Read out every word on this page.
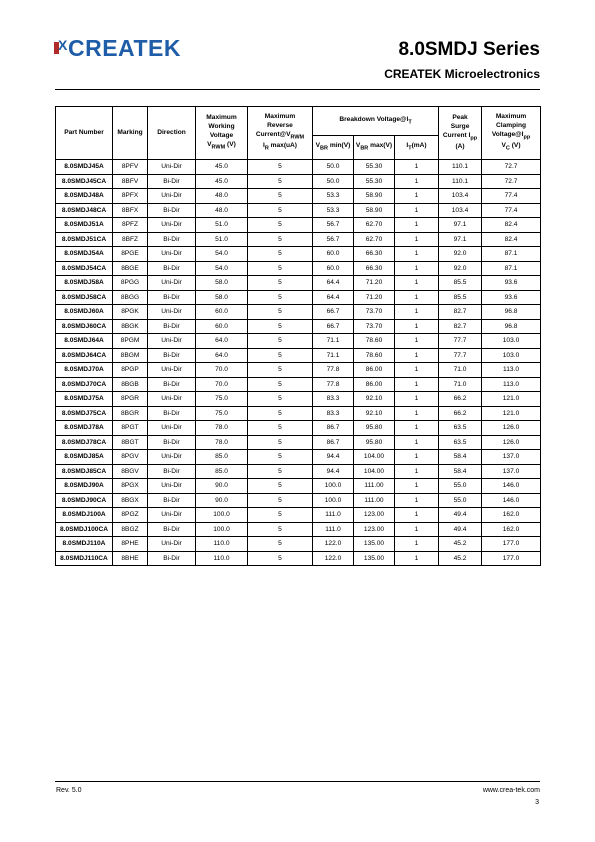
X CREATEK	8.0SMDJ Series
CREATEK Microelectronics
Part Number	Marking	Direction	Maximum
Working
Voltage
$V_{RWM}$ (V)	Maximum
Reverse
$Current@V_{RWM}$
$I_R$ max(uA)	Breakdown $Voltage@I_T$			Peak
Surge
Current $I_{pp}$
(A)	Maximum
Clamping
$Voltage@I_{pp}$
$V_C$ (V)
					$V_{BR}$ min(V)	$V_{BR}$ max(V)	$I_T(mA)$		
8.0SMDJ45A	8PFV	Uni-Dir	45.0	5	50.0	55.30	1	110.1	72.7
8.0SMDJ45CA	8BFV	Bi-Dir	45.0	5	50.0	55.30	1	110.1	72.7
8.0SMDJ48A	8PFX	Uni-Dir	48.0	5	53.3	58.90	1	103.4	77.4
8.0SMDJ48CA	8BFX	Bi-Dir	48.0	5	53.3	58.90	1	103.4	77.4
8.0SMDJ51A	8PFZ	Uni-Dir	51.0	5	56.7	62.70	1	97.1	82.4
8.0SMDJ51CA	8BFZ	Bi-Dir	51.0	5	56.7	62.70	1	97.1	82.4
8.0SMDJ54A	8PGE	Uni-Dir	54.0	5	60.0	66.30	1	92.0	87.1
8.0SMDJ54CA	8BGE	Bi-Dir	54.0	5	60.0	66.30	1	92.0	87.1
8.0SMDJ58A	8PGG	Uni-Dir	58.0	5	64.4	71.20	1	85.5	93.6
8.0SMDJ58CA	8BGG	Bi-Dir	58.0	5	64.4	71.20	1	85.5	93.6
8.0SMDJ60A	8PGK	Uni-Dir	60.0	5	66.7	73.70	1	82.7	96.8
8.0SMDJ60CA	8BGK	Bi-Dir	60.0	5	66.7	73.70	1	82.7	96.8
8.0SMDJ64A	8PGM	Uni-Dir	64.0	5	71.1	78.60	1	77.7	103.0
8.0SMDJ64CA	8BGM	Bi-Dir	64.0	5	71.1	78.60	1	77.7	103.0
8.0SMDJ70A	8PGP	Uni-Dir	70.0	5	77.8	86.00	1	71.0	113.0
8.0SMDJ70CA	8BGB	Bi-Dir	70.0	5	77.8	86.00	1	71.0	113.0
8.0SMDJ75A	8PGR	Uni-Dir	75.0	5	83.3	92.10	1	66.2	121.0
8.0SMDJ75CA	8BGR	Bi-Dir	75.0	5	83.3	92.10	1	66.2	121.0
8.0SMDJ78A	8PGT	Uni-Dir	78.0	5	86.7	95.80	1	63.5	126.0
8.0SMDJ78CA	8BGT	Bi-Dir	78.0	5	86.7	95.80	1	63.5	126.0
8.0SMDJ85A	8PGV	Uni-Dir	85.0	5	94.4	104.00	1	58.4	137.0
8.0SMDJ85CA	8BGV	Bi-Dir	85.0	5	94.4	104.00	1	58.4	137.0
8.0SMDJ90A	8PGX	Uni-Dir	90.0	5	100.0	111.00	1	55.0	146.0
8.0SMDJ90CA	8BGX	Bi-Dir	90.0	5	100.0	111.00	1	55.0	146.0
8.0SMDJ100A	8PGZ	Uni-Dir	100.0	5	111.0	123.00	1	49.4	162.0
8.0SMDJ100CA	8BGZ	Bi-Dir	100.0	5	111.0	123.00	1	49.4	162.0
8.0SMDJ110A	8PHE	Uni-Dir	110.0	5	122.0	135.00	1	45.2	177.0
8.0SMDJ110CA	8BHE	Bi-Dir	110.0	5	122.0	135.00	1	45.2	177.0
Rev. 5.0	www.crea-tek.com
3
